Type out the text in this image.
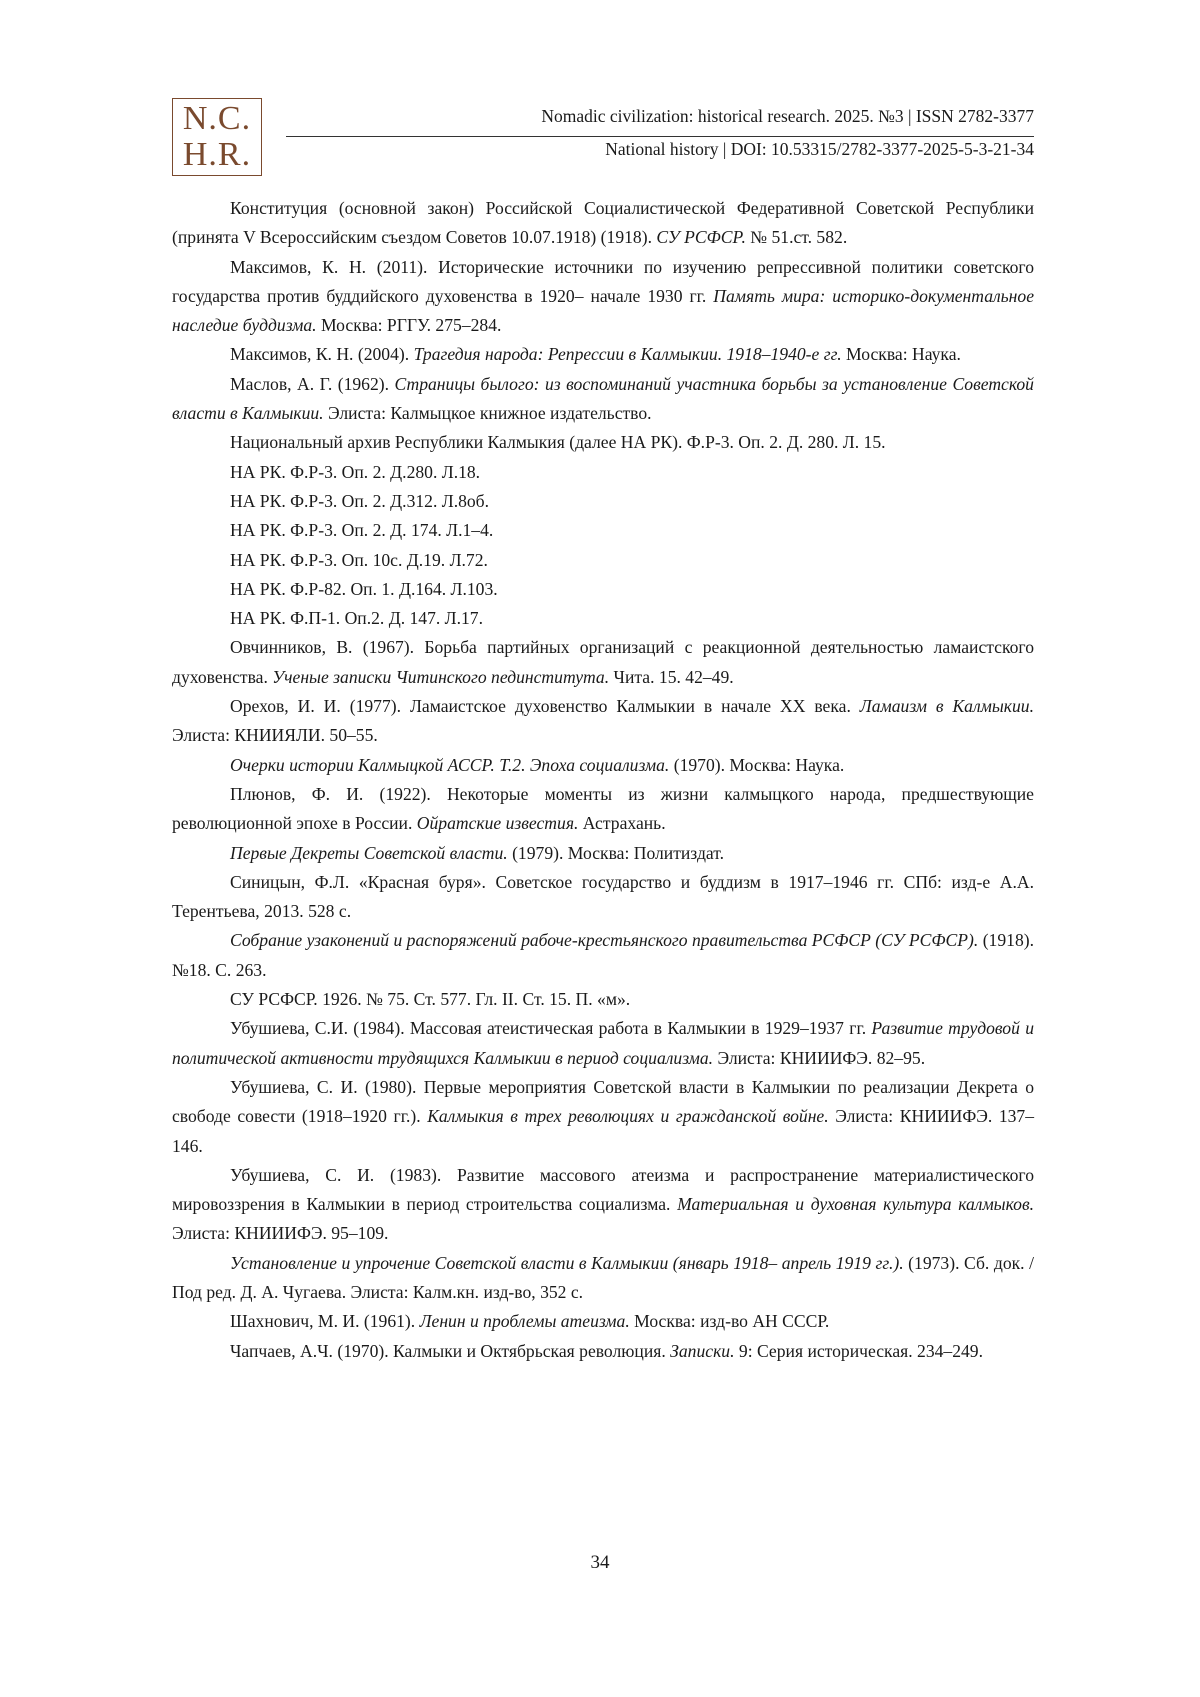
N.C.
H.R.
Nomadic civilization: historical research. 2025. №3 | ISSN 2782-3377
National history | DOI: 10.53315/2782-3377-2025-5-3-21-34

Конституция (основной закон) Российской Социалистической Федеративной Советской Республики (принята V Всероссийским съездом Советов 10.07.1918) (1918). СУ РСФСР. № 51.ст. 582.

Максимов, К. Н. (2011). Исторические источники по изучению репрессивной политики советского государства против буддийского духовенства в 1920– начале 1930 гг. Память мира: историко-документальное наследие буддизма. Москва: РГГУ. 275–284.

Максимов, К. Н. (2004). Трагедия народа: Репрессии в Калмыкии. 1918–1940-е гг. Москва: Наука.

Маслов, А. Г. (1962). Страницы былого: из воспоминаний участника борьбы за установление Советской власти в Калмыкии. Элиста: Калмыцкое книжное издательство.

Национальный архив Республики Калмыкия (далее НА РК). Ф.Р-3. Оп. 2. Д. 280. Л. 15.

НА РК. Ф.Р-3. Оп. 2. Д.280. Л.18.

НА РК. Ф.Р-3. Оп. 2. Д.312. Л.8об.

НА РК. Ф.Р-3. Оп. 2. Д. 174. Л.1–4.

НА РК. Ф.Р-3. Оп. 10с. Д.19. Л.72.

НА РК. Ф.Р-82. Оп. 1. Д.164. Л.103.

НА РК. Ф.П-1. Оп.2. Д. 147. Л.17.

Овчинников, В. (1967). Борьба партийных организаций с реакционной деятельностью ламаистского духовенства. Ученые записки Читинского пединститута. Чита. 15. 42–49.

Орехов, И. И. (1977). Ламаистское духовенство Калмыкии в начале XX века. Ламаизм в Калмыкии. Элиста: КНИИЯЛИ. 50–55.

Очерки истории Калмыцкой АССР. Т.2. Эпоха социализма. (1970). Москва: Наука.

Плюнов, Ф. И. (1922). Некоторые моменты из жизни калмыцкого народа, предшествующие революционной эпохе в России. Ойратские известия. Астрахань.

Первые Декреты Советской власти. (1979). Москва: Политиздат.

Синицын, Ф.Л. «Красная буря». Советское государство и буддизм в 1917–1946 гг. СПб: изд-е А.А. Терентьева, 2013. 528 с.

Собрание узаконений и распоряжений рабоче-крестьянского правительства РСФСР (СУ РСФСР). (1918). №18. С. 263.

СУ РСФСР. 1926. № 75. Ст. 577. Гл. II. Ст. 15. П. «м».

Убушиева, С.И. (1984). Массовая атеистическая работа в Калмыкии в 1929–1937 гг. Развитие трудовой и политической активности трудящихся Калмыкии в период социализма. Элиста: КНИИИФЭ. 82–95.

Убушиева, С. И. (1980). Первые мероприятия Советской власти в Калмыкии по реализации Декрета о свободе совести (1918–1920 гг.). Калмыкия в трех революциях и гражданской войне. Элиста: КНИИИФЭ. 137–146.

Убушиева, С. И. (1983). Развитие массового атеизма и распространение материалистического мировоззрения в Калмыкии в период строительства социализма. Материальная и духовная культура калмыков. Элиста: КНИИИФЭ. 95–109.

Установление и упрочение Советской власти в Калмыкии (январь 1918– апрель 1919 гг.). (1973). Сб. док. / Под ред. Д. А. Чугаева. Элиста: Калм.кн. изд-во, 352 с.

Шахнович, М. И. (1961). Ленин и проблемы атеизма. Москва: изд-во АН СССР.

Чапчаев, А.Ч. (1970). Калмыки и Октябрьская революция. Записки. 9: Серия историческая. 234–249.

34
